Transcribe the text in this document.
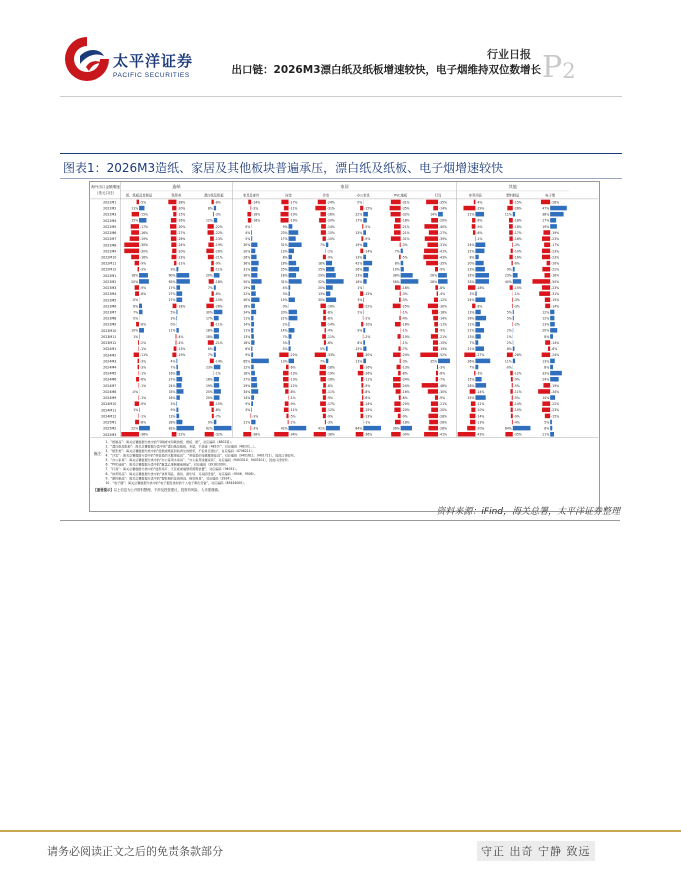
太平洋证券
PACIFIC SECURITIES
行业日报
出口链：2026M3漂白纸及纸板增速较快，电子烟维持双位数增长 $P_2$
图表1：2026M3造纸、家居及其他板块普遍承压，漂白纸及纸板、电子烟增速较快
海外出口金额增速
（美元口径）
造纸
纸、纸板及其制品	纸浆类	漂白纸及纸板
家居
家具及部件	床垫	沙发	办公家具	PVC地板	灯具
其他
体育用品	塑料制品	电子烟
2022M1	-5%	-38%	-8%	-14%	-17%	-24%	0%	-31%	-35%	-4%	-15%	-26%
2022M2	11%	-20%	8%	-3%	-11%	-31%	-15%	-35%	-14%	-29%	-26%	47%
2022M3	-15%	-15%	-3%	-18%	-19%	-16%	22%	-32%	14%	21%	11%	38%
2022M4	15%	-26%	12%	-16%	-19%	-20%	17%	-18%	-20%	-8%	-18%	17%
2022M5	-17%	-30%	-22%	0%	9%	-14%	-5%	-21%	-40%	-9%	-18%	19%
2022M6	-16%	-27%	-22%	4%	23%	-15%	13%	-21%	-27%	-6%	-17%	-19%
2022M7	-19%	-26%	-13%	5%	17%	-10%	-9%	-31%	-39%	-1%	-16%	-23%
2022M8	-30%	-24%	-19%	30%	31%	7%	19%	-3%	-31%	24%	-3%	-17%
2022M9	-30%	-20%	-26%	20%	13%	-1%	-14%	7%	-41%	22%	-10%	-23%
2022M10	-16%	-23%	-21%	26%	8%	-9%	13%	-5%	-43%	8%	-16%	-23%
2022M11	-9%	-11%	-9%	36%	18%	18%	42%	8%	-35%	20%	-6%	-10%
2022M12	-3%	9%	-11%	31%	25%	25%	26%	10%	-9%	23%	9%	-22%
2023M1	18%	60%	20%	30%	18%	29%	23%	38%	26%	33%	23%	-16%
2023M2	20%	63%	-18%	50%	31%	52%	16%	56%	28%	33%	40%	-50%
2023M3	-9%	17%	7%	19%	4%	20%	1%	-18%	-8%	-18%	-15%	-23%
2023M4	-8%	27%	-8%	22%	3%	13%	-15%	-3%	-4%	3%	-1%	-31%
2023M5	-0%	27%	-15%	40%	15%	30%	3%	-5%	-12%	24%	-3%	-15%
2023M6	6%	-18%	-26%	18%	0%	-16%	-22%	-25%	-30%	-8%	-3%	-14%
2023M7	7%	5%	30%	24%	20%	-8%	2%	-1%	-18%	13%	5%	12%
2023M8	0%	3%	17%	11%	21%	-8%	-2%	-4%	-14%	26%	5%	12%
2023M9	-6%	0%	-11%	14%	2%	-14%	-10%	-18%	-11%	11%	-2%	13%
2023M10	10%	11%	18%	11%	14%	-4%	9%	-1%	-9%	21%	2%	20%
2023M11	1%	-4%	18%	13%	7%	-11%	-2%	-10%	-21%	13%	1%	8%
2023M12	-2%	-4%	-21%	16%	3%	-6%	8%	-1%	-15%	7%	2%	-14%
2024M1	-1%	-13%	8%	6%	5%	5%	15%	-7%	-15%	21%	8%	-6%
2024M2	-11%	-19%	7%	9%	-22%	-33%	-30%	-24%	-52%	-27%	-28%	-24%
2024M3	-3%	4%	-14%	85%	13%	7%	13%	-3%	35%	36%	11%	13%
2024M4	-3%	7%	23%	12%	-6%	-18%	-16%	-13%	-3%	7%	-0%	8%
2024M5	-1%	16%	-1%	18%	-13%	-19%	-26%	-8%	-6%	-3%	-12%	33%
2024M6	-6%	27%	18%	27%	-13%	-16%	-11%	-24%	-7%	15%	-9%	24%
2024M7	-1%	24%	19%	29%	-12%	-8%	-9%	-24%	-48%	26%	-5%	-19%
2024M8	-0%	33%	25%	34%	-8%	-11%	-8%	-16%	-30%	-14%	-11%	-34%
2024M9	-1%	16%	20%	14%	-1%	-9%	-6%	-6%	-9%	25%	-5%	14%
2024M10	-9%	3%	-15%	9%	-9%	-17%	-14%	-20%	-21%	-11%	-14%	-22%
2024M11	1%	9%	-8%	3%	-11%	-12%	-15%	-20%	-20%	-10%	-10%	-23%
2024M12	-1%	13%	-7%	-3%	-5%	-9%	-13%	-9%	-28%	-14%	-9%	-15%
2025M1	-8%	28%	9%	21%	-2%	-3%	-1%	-18%	-26%	-13%	-4%	5%
2025M2	22%	83%	62%	-3%	42%	41%	84%	36%	-28%	-20%	84%	6%
2025M3	-36%	-22%	-32%	-38%	-34%	-36%	-36%	-30%	-41%	-43%	-35%	11%
备注：
1、“纸制品”：海关总署数据分类中的“印刷或未印刷的纸、纸板、纸”，对应编码（4802等）。
2、“漂白纸及纸板”：海关总署数据分类中的“漂白纸及纸板，多层，不涂漆（4810）”，对应编码（48101…）。
3、“纸浆类”：海关总署数据分类中的“废纸或纸板回收再生的纸浆，不论是否漂白”，对应编码（4706211）。
4、“沙发”：海关总署数据分类中的“带软垫的木框架座具”、“带软垫的金属框架座具”，对应编码（9401611、9401711），因此口径较窄。
5、“办公家具”：海关总署数据分类中的“办公室用木家具”、“办公室用金属家具”，对应编码（9403310、9403101），因此口径较窄。
6、“PVC地板”：海关总署数据分类中的“聚氯乙烯制铺地制品”，对应编码（39181090）。
7、“灯具”：海关总署数据分类中的“枝形吊灯、天花板或墙壁用照明装置”，对应编码（94051）。
8、“体育用品”：海关总署数据分类中的“体育用品、游戏、游乐场、马戏团设备”，对应编码（9506、9508）。
9、“塑料制品”：海关总署数据分类中的“塑料制的家庭用具、厨房用具”，对应编码（3924）。
10、“电子烟”：海关总署数据分类中的“电子烟及类似的个人电子雾化设备”，对应编码（85434000）。
【重要提示】以上信息为公开资料整理，不涉及投资建议，投资有风险，入市需谨慎。
资料来源：iFind，海关总署，太平洋证券整理
请务必阅读正文之后的免责条款部分	守正 出奇 宁静 致远
